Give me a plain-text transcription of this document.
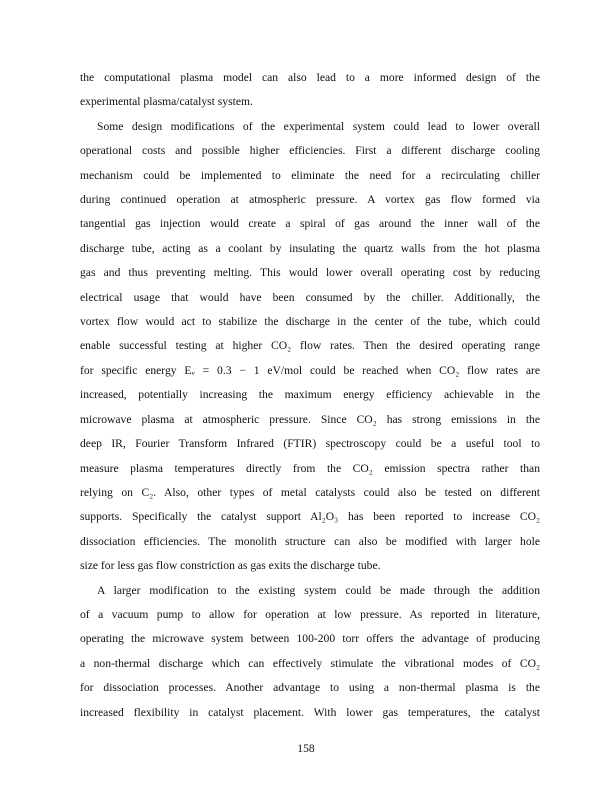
the computational plasma model can also lead to a more informed design of the
experimental plasma/catalyst system.
Some design modifications of the experimental system could lead to lower overall
operational costs and possible higher efficiencies. First a different discharge cooling
mechanism could be implemented to eliminate the need for a recirculating chiller
during continued operation at atmospheric pressure. A vortex gas flow formed via
tangential gas injection would create a spiral of gas around the inner wall of the
discharge tube, acting as a coolant by insulating the quartz walls from the hot plasma
gas and thus preventing melting. This would lower overall operating cost by reducing
electrical usage that would have been consumed by the chiller. Additionally, the
vortex flow would act to stabilize the discharge in the center of the tube, which could
enable successful testing at higher CO₂ flow rates. Then the desired operating range
for specific energy Eᵥ = 0.3 − 1 eV/mol could be reached when CO₂ flow rates are
increased, potentially increasing the maximum energy efficiency achievable in the
microwave plasma at atmospheric pressure. Since CO₂ has strong emissions in the
deep IR, Fourier Transform Infrared (FTIR) spectroscopy could be a useful tool to
measure plasma temperatures directly from the CO₂ emission spectra rather than
relying on C₂. Also, other types of metal catalysts could also be tested on different
supports. Specifically the catalyst support Al₂O₃ has been reported to increase CO₂
dissociation efficiencies. The monolith structure can also be modified with larger hole
size for less gas flow constriction as gas exits the discharge tube.
A larger modification to the existing system could be made through the addition
of a vacuum pump to allow for operation at low pressure. As reported in literature,
operating the microwave system between 100-200 torr offers the advantage of producing
a non-thermal discharge which can effectively stimulate the vibrational modes of CO₂
for dissociation processes. Another advantage to using a non-thermal plasma is the
increased flexibility in catalyst placement. With lower gas temperatures, the catalyst
158
